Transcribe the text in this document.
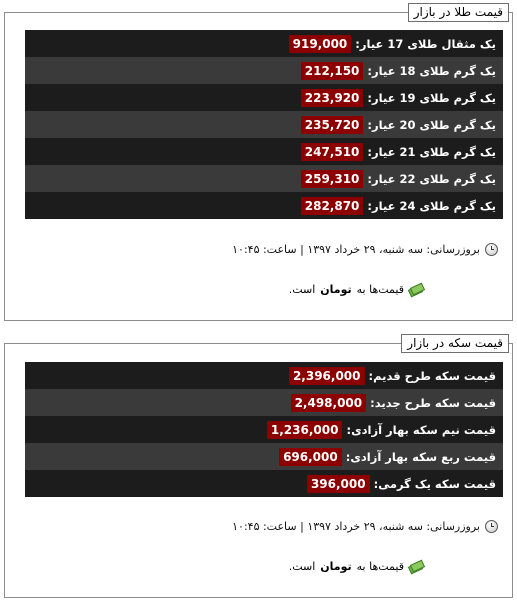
قیمت طلا در بازار
یک مثقال طلای 17 عیار:
919,000
یک گرم طلای 18 عیار:
212,150
یک گرم طلای 19 عیار:
223,920
یک گرم طلای 20 عیار:
235,720
یک گرم طلای 21 عیار:
247,510
یک گرم طلای 22 عیار:
259,310
یک گرم طلای 24 عیار:
282,870
بروزرسانی: سه شنبه، ۲۹ خرداد ۱۳۹۷ | ساعت: ۱۰:۴۵
قیمت‌ها به
تومان
است.
قیمت سکه در بازار
قیمت سکه طرح قدیم:
2,396,000
قیمت سکه طرح جدید:
2,498,000
قیمت نیم سکه بهار آزادی:
1,236,000
قیمت ربع سکه بهار آزادی:
696,000
قیمت سکه یک گرمی:
396,000
بروزرسانی: سه شنبه، ۲۹ خرداد ۱۳۹۷ | ساعت: ۱۰:۴۵
قیمت‌ها به
تومان
است.
